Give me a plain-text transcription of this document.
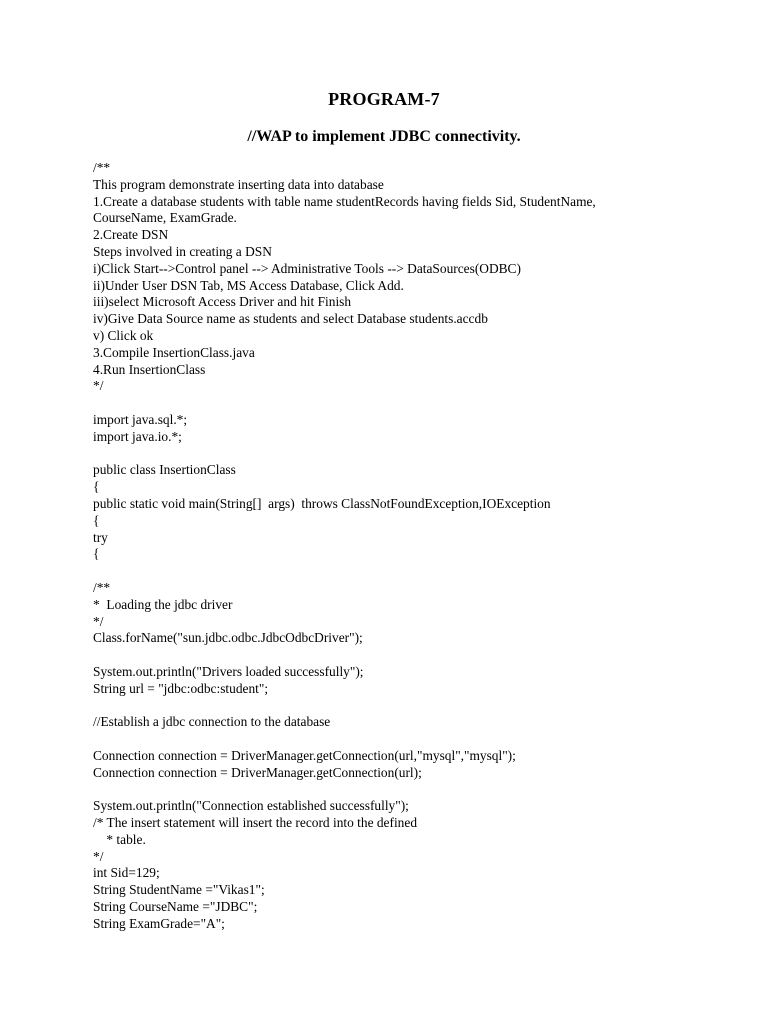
PROGRAM-7
//WAP to implement JDBC connectivity.
/**
This program demonstrate inserting data into database
1.Create a database students with table name studentRecords having fields Sid, StudentName,
CourseName, ExamGrade.
2.Create DSN
Steps involved in creating a DSN
i)Click Start-->Control panel --> Administrative Tools --> DataSources(ODBC)
ii)Under User DSN Tab, MS Access Database, Click Add.
iii)select Microsoft Access Driver and hit Finish
iv)Give Data Source name as students and select Database students.accdb
v) Click ok
3.Compile InsertionClass.java
4.Run InsertionClass
*/
import java.sql.*;
import java.io.*;
public class InsertionClass
{
public static void main(String[]  args)  throws ClassNotFoundException,IOException
{
try
{
/**
*  Loading the jdbc driver
*/
Class.forName("sun.jdbc.odbc.JdbcOdbcDriver");
System.out.println("Drivers loaded successfully");
String url = "jdbc:odbc:student";
//Establish a jdbc connection to the database
Connection connection = DriverManager.getConnection(url,"mysql","mysql");
Connection connection = DriverManager.getConnection(url);
System.out.println("Connection established successfully");
/* The insert statement will insert the record into the defined
* table.
*/
int Sid=129;
String StudentName ="Vikas1";
String CourseName ="JDBC";
String ExamGrade="A";
